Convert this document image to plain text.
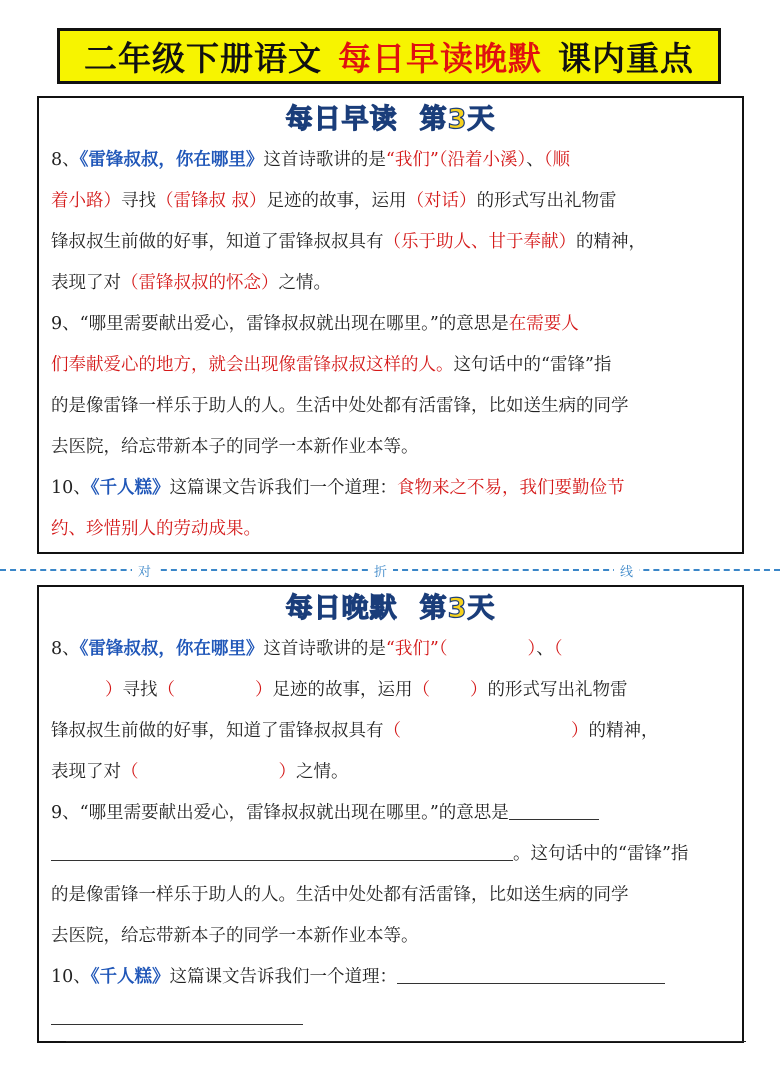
二年级下册语文 每日早读晚默 课内重点
每日早读 第3天

8、《雷锋叔叔，你在哪里》这首诗歌讲的是“我们”（沿着小溪）、（顺

着小路）寻找（雷锋叔 叔）足迹的故事，运用（对话）的形式写出礼物雷

锋叔叔生前做的好事，知道了雷锋叔叔具有（乐于助人、甘于奉献）的精神，

表现了对（雷锋叔叔的怀念）之情。

9、“哪里需要献出爱心，雷锋叔叔就出现在哪里。”的意思是在需要人

们奉献爱心的地方，就会出现像雷锋叔叔这样的人。这句话中的“雷锋”指

的是像雷锋一样乐于助人的人。生活中处处都有活雷锋，比如送生病的同学

去医院，给忘带新本子的同学一本新作业本等。

10、《千人糕》这篇课文告诉我们一个道理：食物来之不易，我们要勤俭节

约、珍惜别人的劳动成果。

对	折	线
每日晚默 第3天

8、《雷锋叔叔，你在哪里》这首诗歌讲的是“我们”（	）、（

）寻找（	）足迹的故事，运用（ ）的形式写出礼物雷

锋叔叔生前做的好事，知道了雷锋叔叔具有（	）的精神，

表现了对（	）之情。

9、“哪里需要献出爱心，雷锋叔叔就出现在哪里。”的意思是

。这句话中的“雷锋”指

的是像雷锋一样乐于助人的人。生活中处处都有活雷锋，比如送生病的同学

去医院，给忘带新本子的同学一本新作业本等。

10、《千人糕》这篇课文告诉我们一个道理：
